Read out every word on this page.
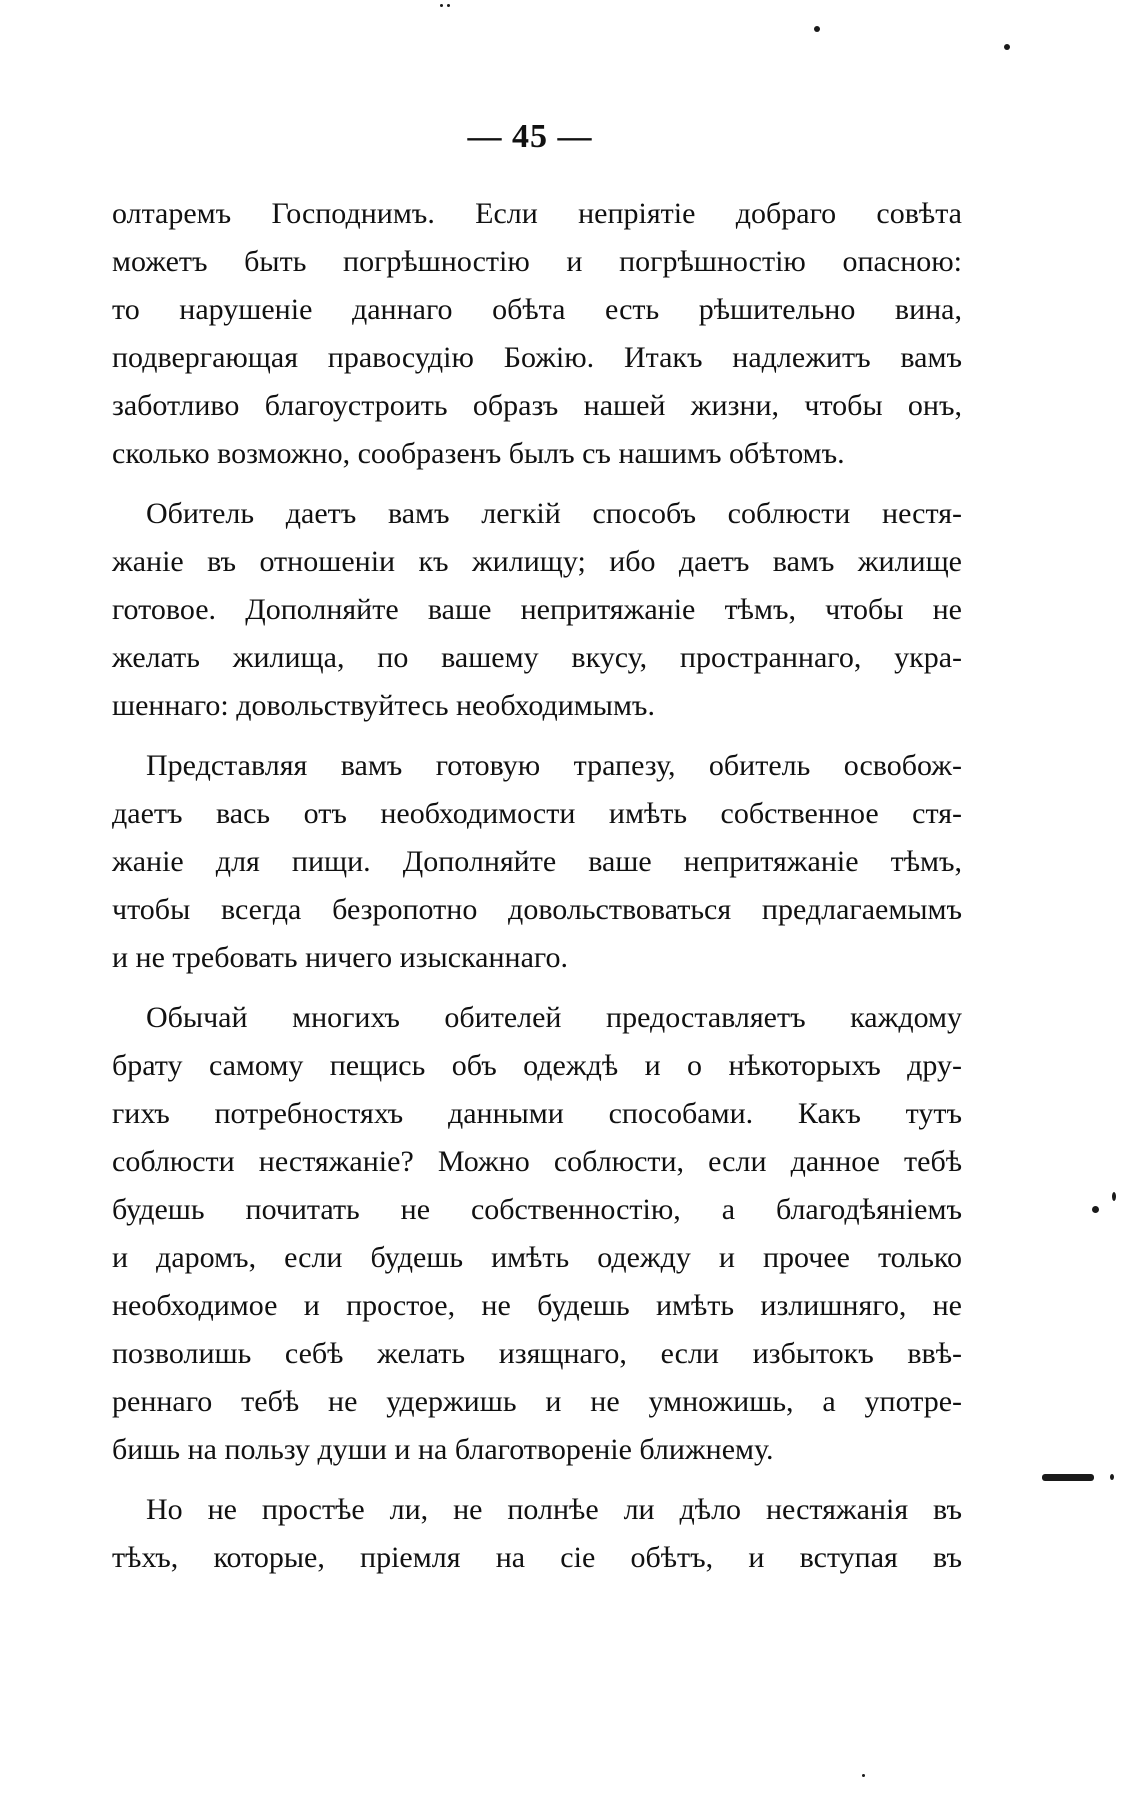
— 45 —
олтаремъ Господнимъ. Если непріятіе добраго совѣта
можетъ быть погрѣшностію и погрѣшностію опасною:
то нарушеніе даннаго обѣта есть рѣшительно вина,
подвергающая правосудію Божію. Итакъ надлежитъ вамъ
заботливо благоустроить образъ нашей жизни, чтобы онъ,
сколько возможно, сообразенъ былъ съ нашимъ обѣтомъ.
Обитель даетъ вамъ легкій способъ соблюсти нестя-
жаніе въ отношеніи къ жилищу; ибо даетъ вамъ жилище
готовое. Дополняйте ваше непритяжаніе тѣмъ, чтобы не
желать жилища, по вашему вкусу, пространнаго, укра-
шеннаго: довольствуйтесь необходимымъ.
Представляя вамъ готовую трапезу, обитель освобож-
даетъ вась отъ необходимости имѣть собственное стя-
жаніе для пищи. Дополняйте ваше непритяжаніе тѣмъ,
чтобы всегда безропотно довольствоваться предлагаемымъ
и не требовать ничего изысканнаго.
Обычай многихъ обителей предоставляетъ каждому
брату самому пещись объ одеждѣ и о нѣкоторыхъ дру-
гихъ потребностяхъ данными способами. Какъ тутъ
соблюсти нестяжаніе? Можно соблюсти, если данное тебѣ
будешь почитать не собственностію, а благодѣяніемъ
и даромъ, если будешь имѣть одежду и прочее только
необходимое и простое, не будешь имѣть излишняго, не
позволишь себѣ желать изящнаго, если избытокъ ввѣ-
реннаго тебѣ не удержишь и не умножишь, а употре-
бишь на пользу души и на благотвореніе ближнему.
Но не простѣе ли, не полнѣе ли дѣло нестяжанія въ
тѣхъ, которые, пріемля на сіе обѣтъ, и вступая въ
